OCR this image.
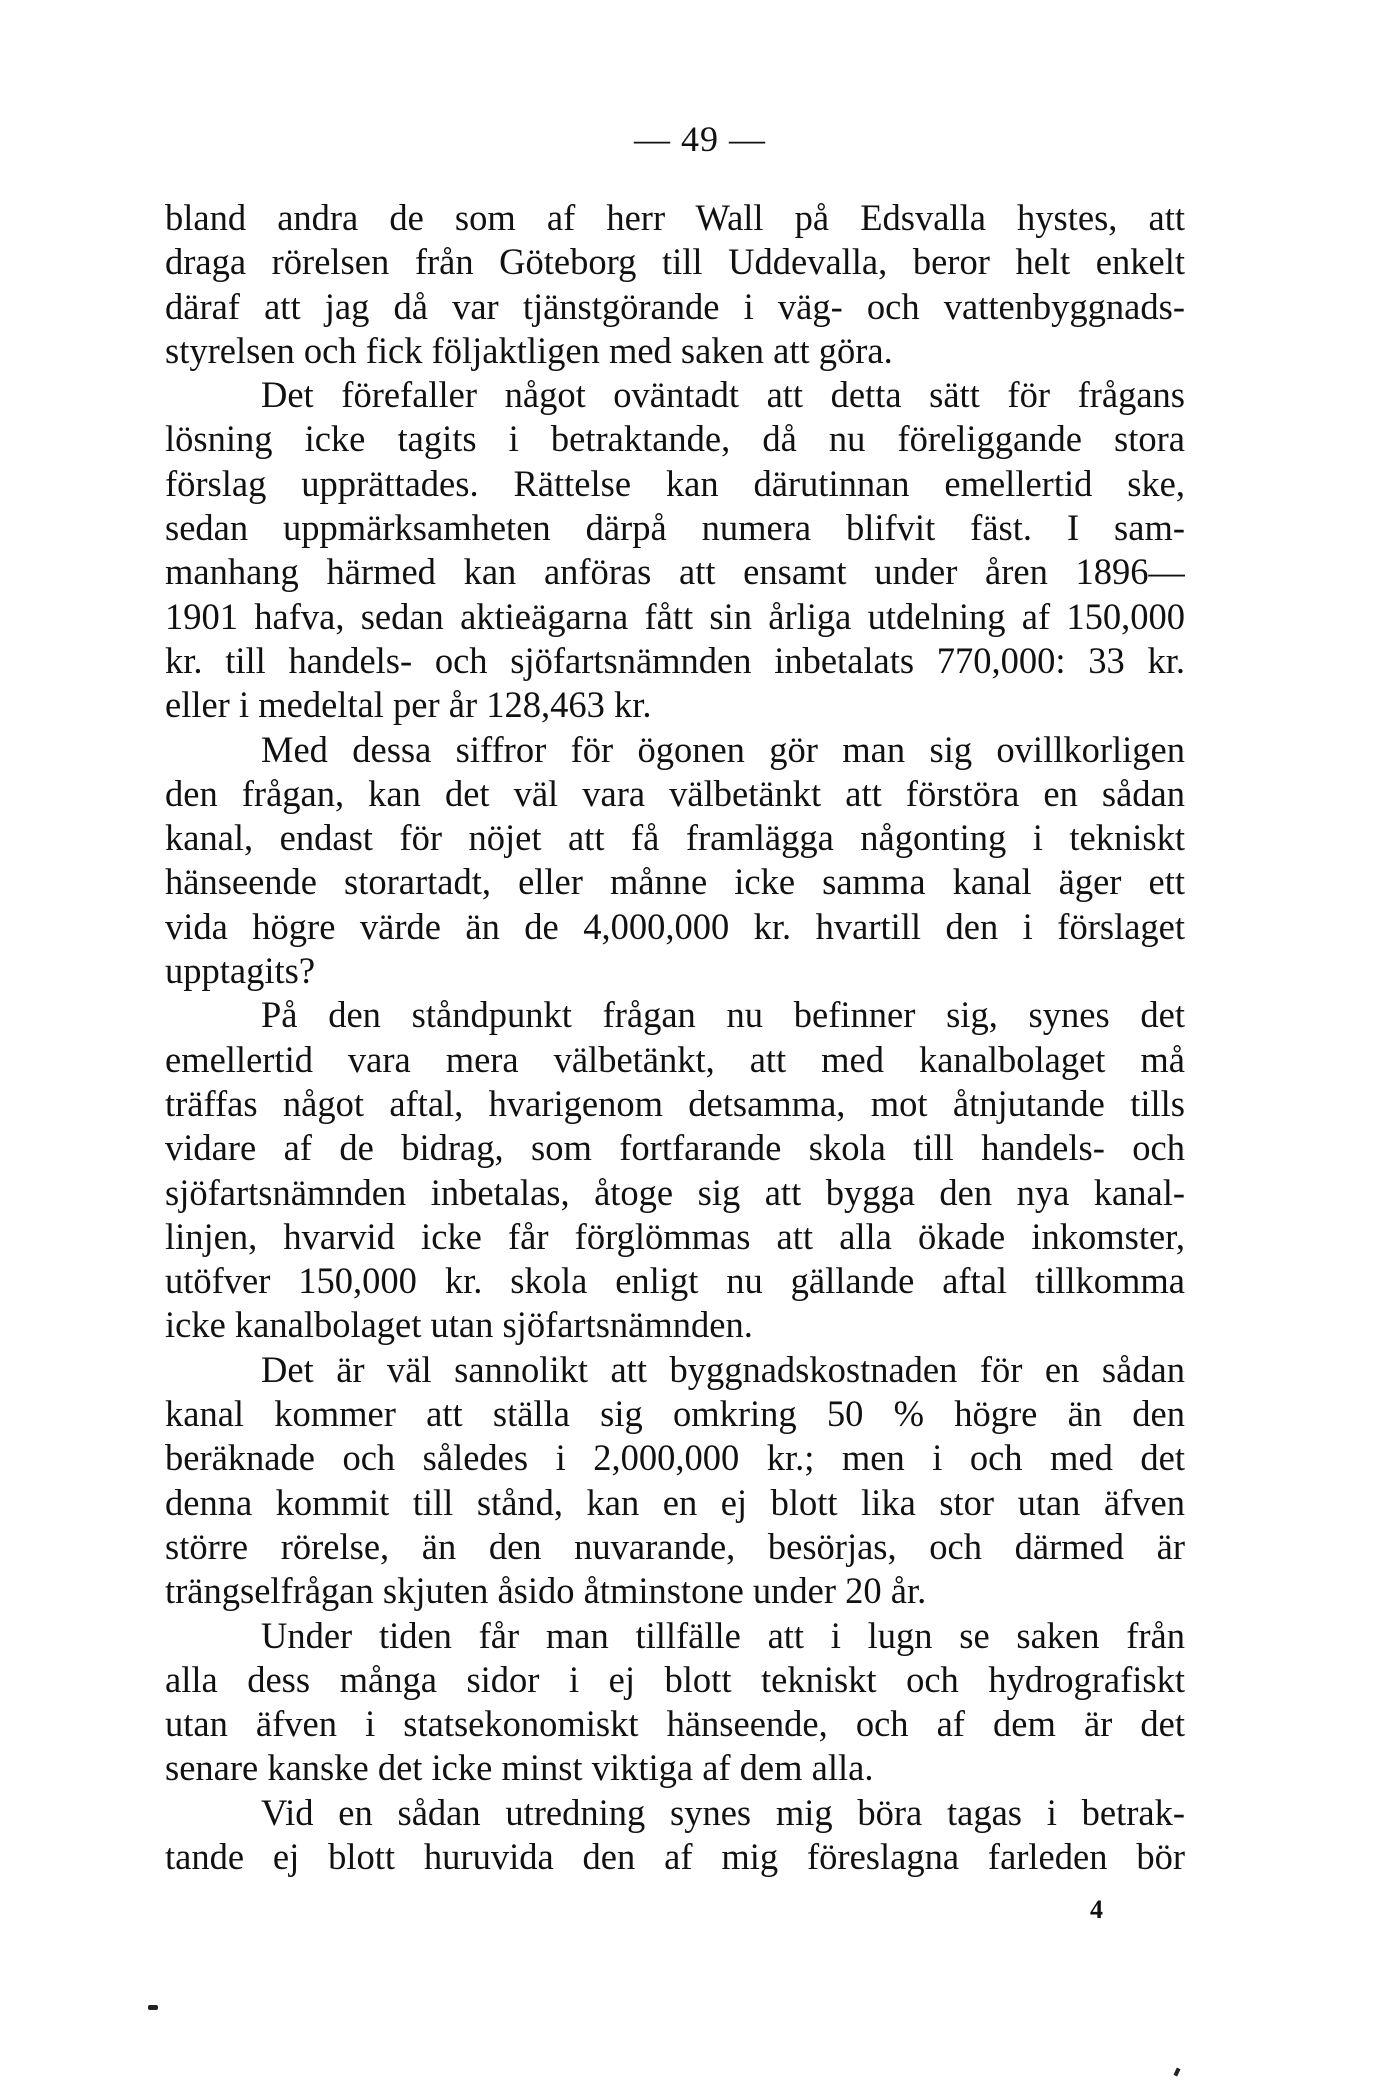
— 49 —
bland andra de som af herr Wall på Edsvalla hystes, att
draga rörelsen från Göteborg till Uddevalla, beror helt enkelt
däraf att jag då var tjänstgörande i väg- och vattenbyggnads-
styrelsen och fick följaktligen med saken att göra.
Det förefaller något oväntadt att detta sätt för frågans
lösning icke tagits i betraktande, då nu föreliggande stora
förslag upprättades. Rättelse kan därutinnan emellertid ske,
sedan uppmärksamheten därpå numera blifvit fäst. I sam-
manhang härmed kan anföras att ensamt under åren 1896—
1901 hafva, sedan aktieägarna fått sin årliga utdelning af 150,000
kr. till handels- och sjöfartsnämnden inbetalats 770,000: 33 kr.
eller i medeltal per år 128,463 kr.
Med dessa siffror för ögonen gör man sig ovillkorligen
den frågan, kan det väl vara välbetänkt att förstöra en sådan
kanal, endast för nöjet att få framlägga någonting i tekniskt
hänseende storartadt, eller månne icke samma kanal äger ett
vida högre värde än de 4,000,000 kr. hvartill den i förslaget
upptagits?
På den ståndpunkt frågan nu befinner sig, synes det
emellertid vara mera välbetänkt, att med kanalbolaget må
träffas något aftal, hvarigenom detsamma, mot åtnjutande tills
vidare af de bidrag, som fortfarande skola till handels- och
sjöfartsnämnden inbetalas, åtoge sig att bygga den nya kanal-
linjen, hvarvid icke får förglömmas att alla ökade inkomster,
utöfver 150,000 kr. skola enligt nu gällande aftal tillkomma
icke kanalbolaget utan sjöfartsnämnden.
Det är väl sannolikt att byggnadskostnaden för en sådan
kanal kommer att ställa sig omkring 50 % högre än den
beräknade och således i 2,000,000 kr.; men i och med det
denna kommit till stånd, kan en ej blott lika stor utan äfven
större rörelse, än den nuvarande, besörjas, och därmed är
trängselfrågan skjuten åsido åtminstone under 20 år.
Under tiden får man tillfälle att i lugn se saken från
alla dess många sidor i ej blott tekniskt och hydrografiskt
utan äfven i statsekonomiskt hänseende, och af dem är det
senare kanske det icke minst viktiga af dem alla.
Vid en sådan utredning synes mig böra tagas i betrak-
tande ej blott huruvida den af mig föreslagna farleden bör
4
